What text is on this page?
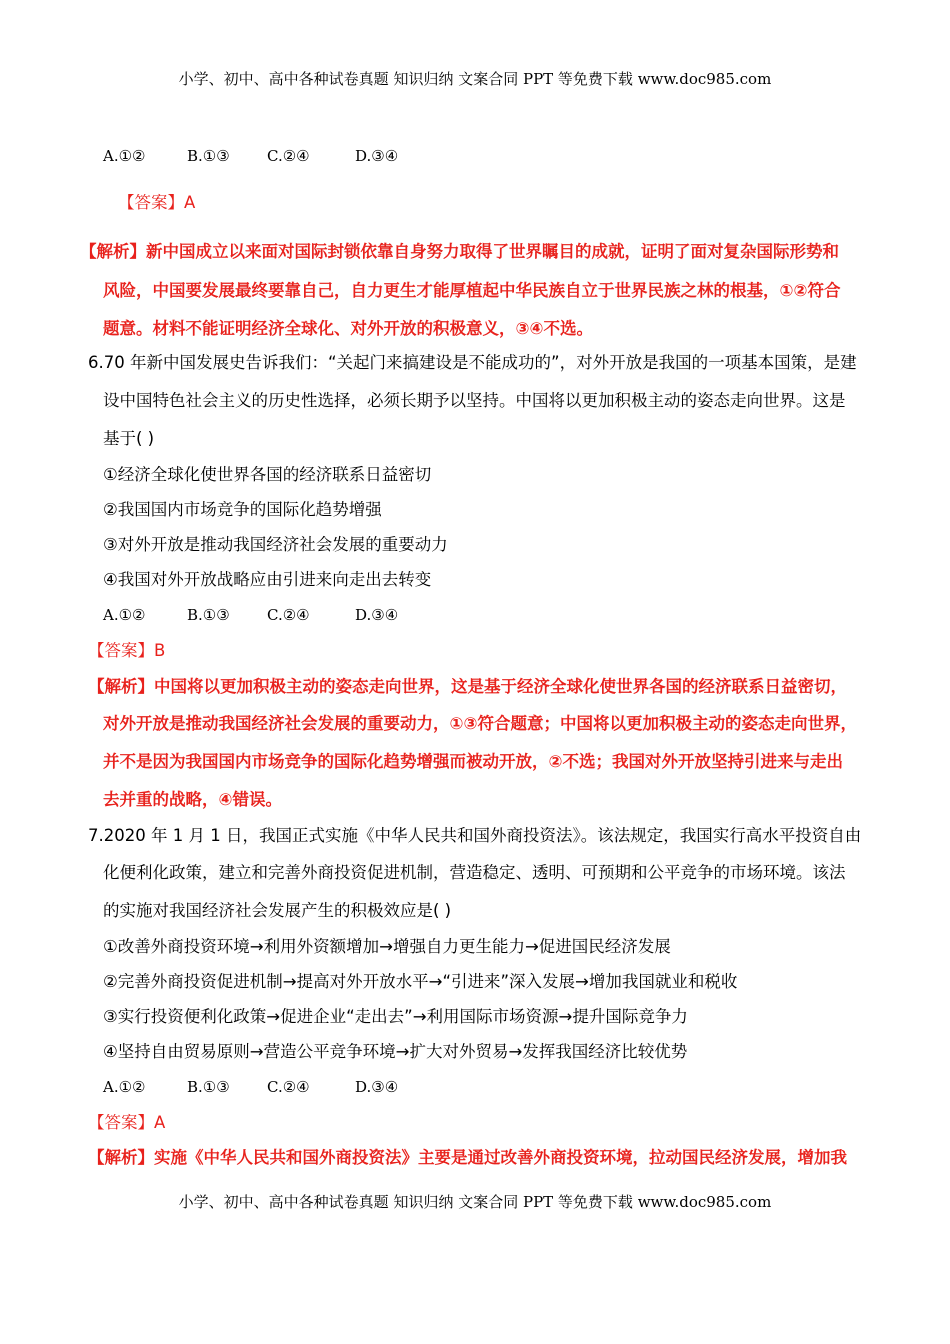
小学、初中、高中各种试卷真题 知识归纳 文案合同 PPT 等免费下载 www.doc985.com
A.①②	B.①③ C.②④	D.③④
【答案】A
【解析】新中国成立以来面对国际封锁依靠自身努力取得了世界瞩目的成就，证明了面对复杂国际形势和
风险，中国要发展最终要靠自己，自力更生才能厚植起中华民族自立于世界民族之林的根基，①②符合
题意。材料不能证明经济全球化、对外开放的积极意义，③④不选。
6.70 年新中国发展史告诉我们：“关起门来搞建设是不能成功的”，对外开放是我国的一项基本国策，是建
设中国特色社会主义的历史性选择，必须长期予以坚持。中国将以更加积极主动的姿态走向世界。这是
基于( )
①经济全球化使世界各国的经济联系日益密切
②我国国内市场竞争的国际化趋势增强
③对外开放是推动我国经济社会发展的重要动力
④我国对外开放战略应由引进来向走出去转变
A.①②	B.①③ C.②④	D.③④
【答案】B
【解析】中国将以更加积极主动的姿态走向世界，这是基于经济全球化使世界各国的经济联系日益密切，
对外开放是推动我国经济社会发展的重要动力，①③符合题意；中国将以更加积极主动的姿态走向世界，
并不是因为我国国内市场竞争的国际化趋势增强而被动开放，②不选；我国对外开放坚持引进来与走出
去并重的战略，④错误。
7.2020 年 1 月 1 日，我国正式实施《中华人民共和国外商投资法》。该法规定，我国实行高水平投资自由
化便利化政策，建立和完善外商投资促进机制，营造稳定、透明、可预期和公平竞争的市场环境。该法
的实施对我国经济社会发展产生的积极效应是( )
①改善外商投资环境→利用外资额增加→增强自力更生能力→促进国民经济发展
②完善外商投资促进机制→提高对外开放水平→“引进来”深入发展→增加我国就业和税收
③实行投资便利化政策→促进企业“走出去”→利用国际市场资源→提升国际竞争力
④坚持自由贸易原则→营造公平竞争环境→扩大对外贸易→发挥我国经济比较优势
A.①②	B.①③ C.②④	D.③④
【答案】A
【解析】实施《中华人民共和国外商投资法》主要是通过改善外商投资环境，拉动国民经济发展，增加我
小学、初中、高中各种试卷真题 知识归纳 文案合同 PPT 等免费下载 www.doc985.com
